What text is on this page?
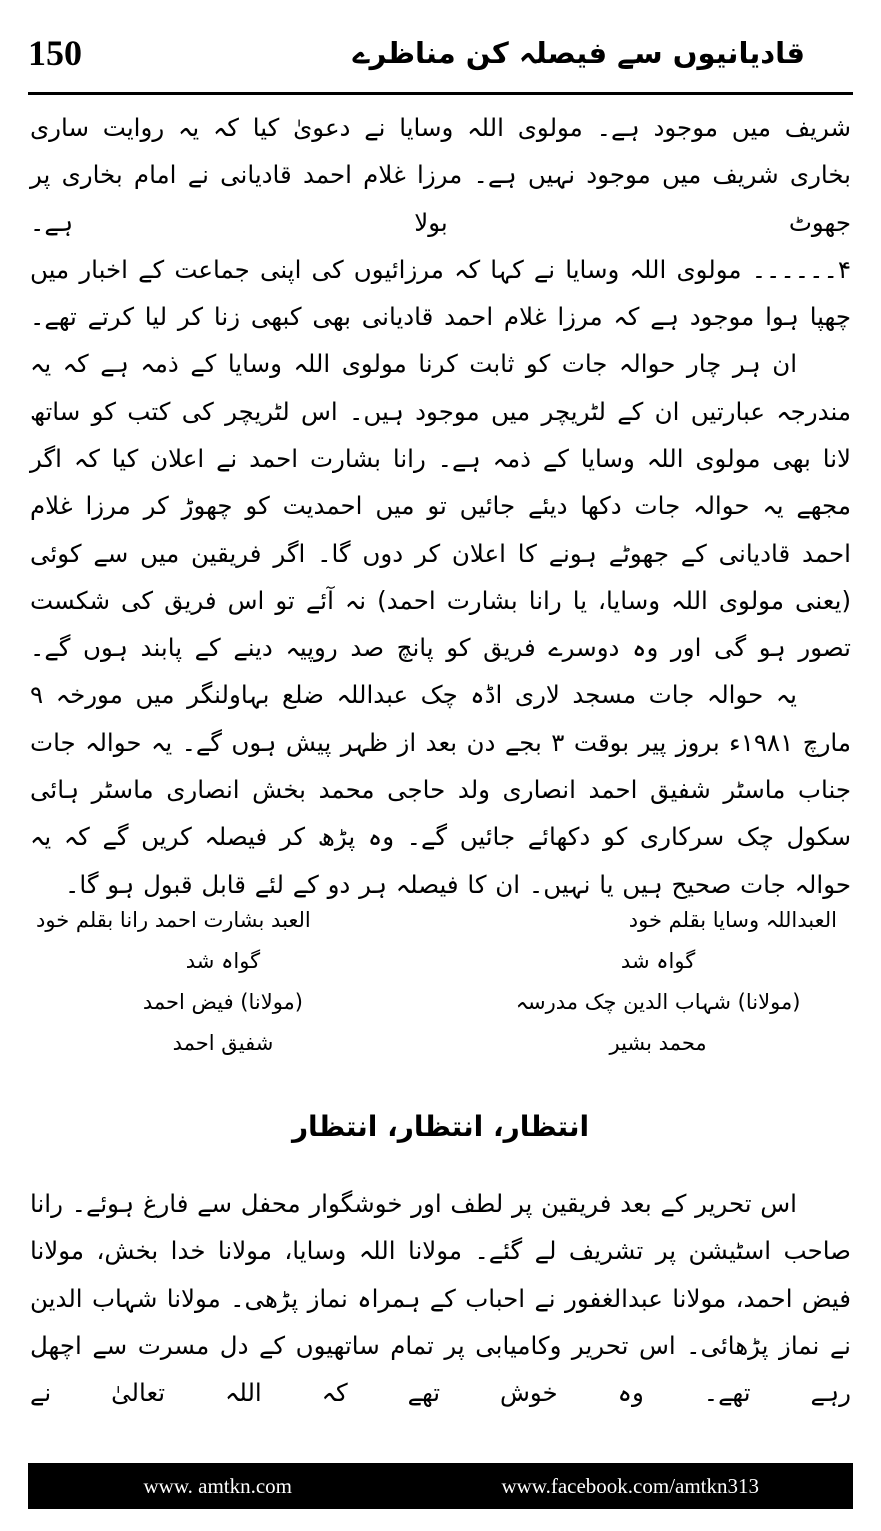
قادیانیوں سے فیصلہ کن مناظرے
150

شریف میں موجود ہے۔ مولوی اللہ وسایا نے دعویٰ کیا کہ یہ روایت ساری بخاری شریف میں موجود نہیں ہے۔ مرزا غلام احمد قادیانی نے امام بخاری پر جھوٹ بولا ہے۔

۴۔۔۔۔۔۔ مولوی اللہ وسایا نے کہا کہ مرزائیوں کی اپنی جماعت کے اخبار میں چھپا ہوا موجود ہے کہ مرزا غلام احمد قادیانی بھی کبھی زنا کر لیا کرتے تھے۔

ان ہر چار حوالہ جات کو ثابت کرنا مولوی اللہ وسایا کے ذمہ ہے کہ یہ مندرجہ عبارتیں ان کے لٹریچر میں موجود ہیں۔ اس لٹریچر کی کتب کو ساتھ لانا بھی مولوی اللہ وسایا کے ذمہ ہے۔ رانا بشارت احمد نے اعلان کیا کہ اگر مجھے یہ حوالہ جات دکھا دیئے جائیں تو میں احمدیت کو چھوڑ کر مرزا غلام احمد قادیانی کے جھوٹے ہونے کا اعلان کر دوں گا۔ اگر فریقین میں سے کوئی (یعنی مولوی اللہ وسایا، یا رانا بشارت احمد) نہ آئے تو اس فریق کی شکست تصور ہو گی اور وہ دوسرے فریق کو پانچ صد روپیہ دینے کے پابند ہوں گے۔

یہ حوالہ جات مسجد لاری اڈہ چک عبداللہ ضلع بہاولنگر میں مورخہ ۹ مارچ ۱۹۸۱ء بروز پیر بوقت ۳ بجے دن بعد از ظہر پیش ہوں گے۔ یہ حوالہ جات جناب ماسٹر شفیق احمد انصاری ولد حاجی محمد بخش انصاری ماسٹر ہائی سکول چک سرکاری کو دکھائے جائیں گے۔ وہ پڑھ کر فیصلہ کریں گے کہ یہ حوالہ جات صحیح ہیں یا نہیں۔ ان کا فیصلہ ہر دو کے لئے قابل قبول ہو گا۔

العبداللہ وسایا بقلم خود
العبد بشارت احمد رانا بقلم خود
گواہ شد
گواہ شد
(مولانا) شہاب الدین چک مدرسہ
(مولانا) فیض احمد
محمد بشیر
شفیق احمد
انتظار، انتظار، انتظار

اس تحریر کے بعد فریقین پر لطف اور خوشگوار محفل سے فارغ ہوئے۔ رانا صاحب اسٹیشن پر تشریف لے گئے۔ مولانا اللہ وسایا، مولانا خدا بخش، مولانا فیض احمد، مولانا عبدالغفور نے احباب کے ہمراہ نماز پڑھی۔ مولانا شہاب الدین نے نماز پڑھائی۔ اس تحریر وکامیابی پر تمام ساتھیوں کے دل مسرت سے اچھل رہے تھے۔ وہ خوش تھے کہ اللہ تعالیٰ نے

www. amtkn.com	www.facebook.com/amtkn313
